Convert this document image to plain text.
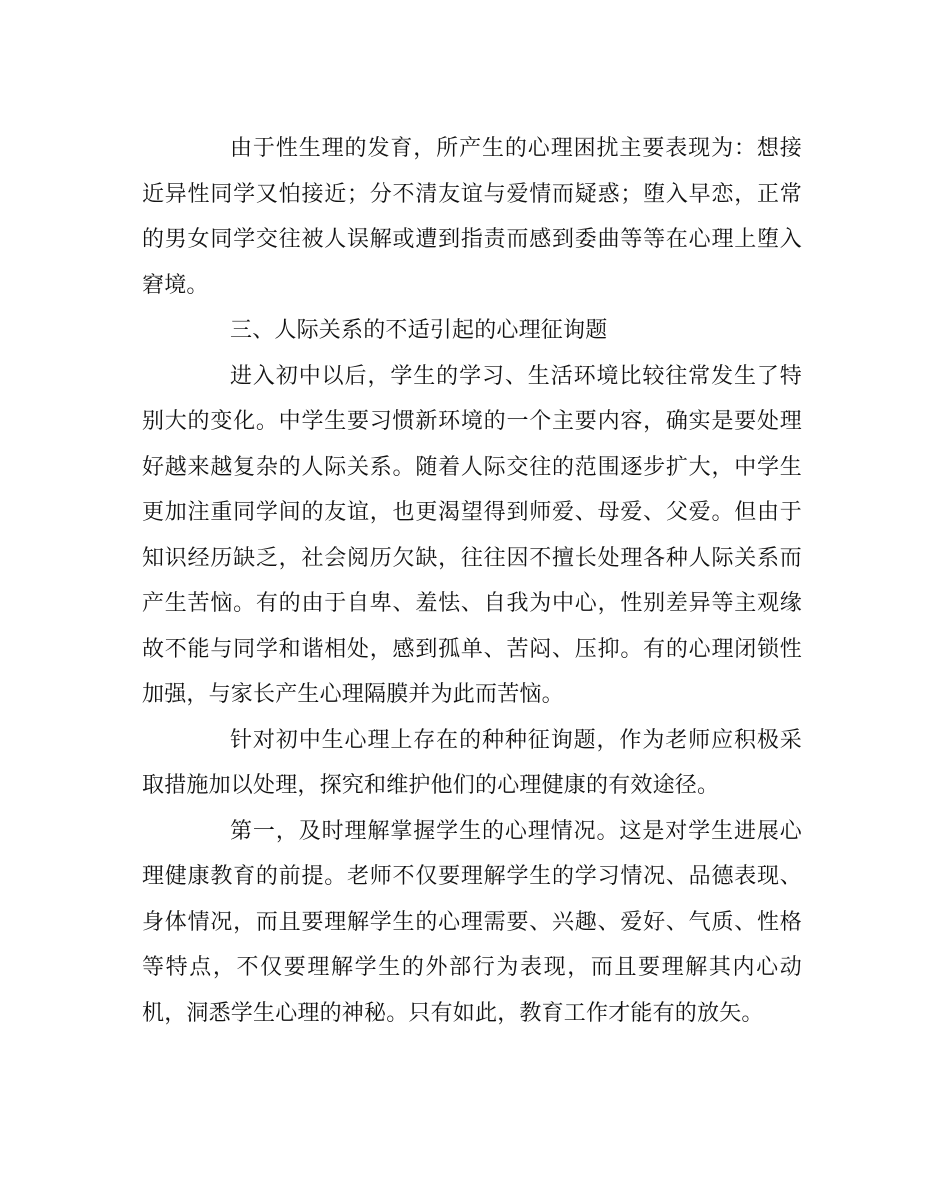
由于性生理的发育，所产生的心理困扰主要表现为：想接近异性同学又怕接近；分不清友谊与爱情而疑惑；堕入早恋，正常的男女同学交往被人误解或遭到指责而感到委曲等等在心理上堕入窘境。

三、人际关系的不适引起的心理征询题

进入初中以后，学生的学习、生活环境比较往常发生了特别大的变化。中学生要习惯新环境的一个主要内容，确实是要处理好越来越复杂的人际关系。随着人际交往的范围逐步扩大，中学生更加注重同学间的友谊，也更渴望得到师爱、母爱、父爱。但由于知识经历缺乏，社会阅历欠缺，往往因不擅长处理各种人际关系而产生苦恼。有的由于自卑、羞怯、自我为中心，性别差异等主观缘故不能与同学和谐相处，感到孤单、苦闷、压抑。有的心理闭锁性加强，与家长产生心理隔膜并为此而苦恼。

针对初中生心理上存在的种种征询题，作为老师应积极采取措施加以处理，探究和维护他们的心理健康的有效途径。

第一，及时理解掌握学生的心理情况。这是对学生进展心理健康教育的前提。老师不仅要理解学生的学习情况、品德表现、身体情况，而且要理解学生的心理需要、兴趣、爱好、气质、性格等特点，不仅要理解学生的外部行为表现，而且要理解其内心动机，洞悉学生心理的神秘。只有如此，教育工作才能有的放矢。
